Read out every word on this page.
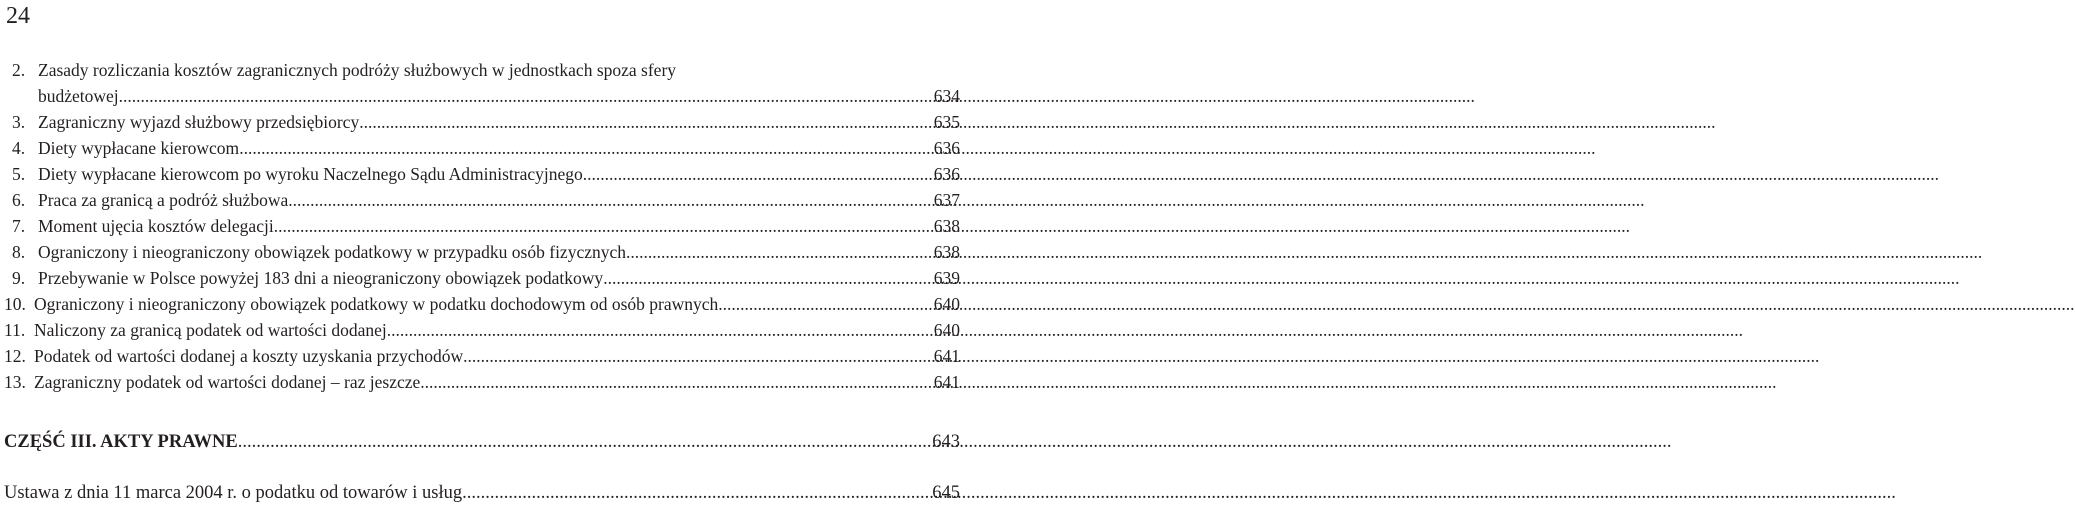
24
2. Zasady rozliczania kosztów zagranicznych podróży służbowych w jednostkach spoza sfery
budżetowej .....	634
3. Zagraniczny wyjazd służbowy przedsiębiorcy .....	635
4. Diety wypłacane kierowcom .....	636
5. Diety wypłacane kierowcom po wyroku Naczelnego Sądu Administracyjnego .....	636
6. Praca za granicą a podróż służbowa .....	637
7. Moment ujęcia kosztów delegacji .....	638
8. Ograniczony i nieograniczony obowiązek podatkowy w przypadku osób fizycznych .....	638
9. Przebywanie w Polsce powyżej 183 dni a nieograniczony obowiązek podatkowy .....	639
10. Ograniczony i nieograniczony obowiązek podatkowy w podatku dochodowym od osób prawnych .....	640
11. Naliczony za granicą podatek od wartości dodanej .....	640
12. Podatek od wartości dodanej a koszty uzyskania przychodów .....	641
13. Zagraniczny podatek od wartości dodanej – raz jeszcze .....	641
CZĘŚĆ III. AKTY PRAWNE .....	643
Ustawa z dnia 11 marca 2004 r. o podatku od towarów i usług .....	645
